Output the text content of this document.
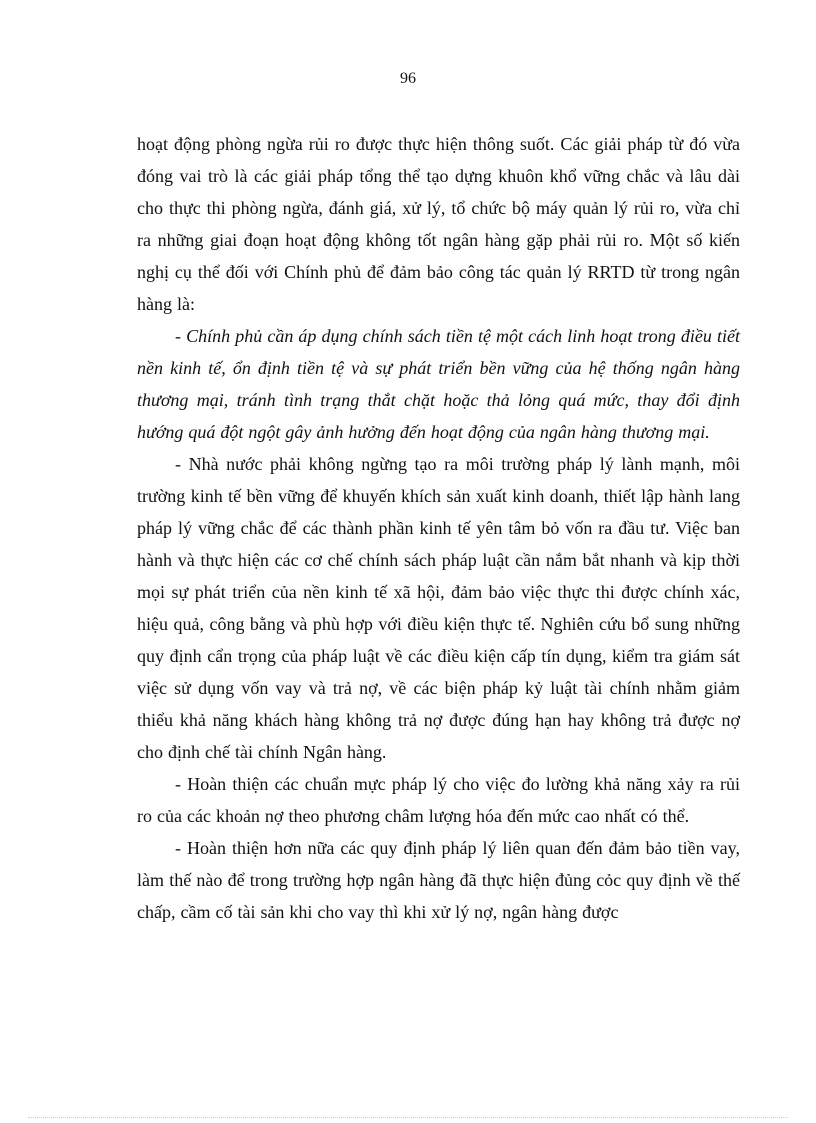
96

hoạt động phòng ngừa rủi ro được thực hiện thông suốt. Các giải pháp từ đó vừa đóng vai trò là các giải pháp tổng thể tạo dựng khuôn khổ vững chắc và lâu dài cho thực thi phòng ngừa, đánh giá, xử lý, tổ chức bộ máy quản lý rủi ro, vừa chỉ ra những giai đoạn hoạt động không tốt ngân hàng gặp phải rủi ro. Một số kiến nghị cụ thể đối với Chính phủ để đảm bảo công tác quản lý RRTD từ trong ngân hàng là:

- Chính phủ cần áp dụng chính sách tiền tệ một cách linh hoạt trong điều tiết nền kinh tế, ổn định tiền tệ và sự phát triển bền vững của hệ thống ngân hàng thương mại, tránh tình trạng thắt chặt hoặc thả lỏng quá mức, thay đổi định hướng quá đột ngột gây ảnh hưởng đến hoạt động của ngân hàng thương mại.

- Nhà nước phải không ngừng tạo ra môi trường pháp lý lành mạnh, môi trường kinh tế bền vững để khuyến khích sản xuất kinh doanh, thiết lập hành lang pháp lý vững chắc để các thành phần kinh tế yên tâm bỏ vốn ra đầu tư. Việc ban hành và thực hiện các cơ chế chính sách pháp luật cần nắm bắt nhanh và kịp thời mọi sự phát triển của nền kinh tế xã hội, đảm bảo việc thực thi được chính xác, hiệu quả, công bằng và phù hợp với điều kiện thực tế. Nghiên cứu bổ sung những quy định cẩn trọng của pháp luật về các điều kiện cấp tín dụng, kiểm tra giám sát việc sử dụng vốn vay và trả nợ, về các biện pháp kỷ luật tài chính nhằm giảm thiểu khả năng khách hàng không trả nợ được đúng hạn hay không trả được nợ cho định chế tài chính Ngân hàng.

- Hoàn thiện các chuẩn mực pháp lý cho việc đo lường khả năng xảy ra rủi ro của các khoản nợ theo phương châm lượng hóa đến mức cao nhất có thể.

- Hoàn thiện hơn nữa các quy định pháp lý liên quan đến đảm bảo tiền vay, làm thế nào để trong trường hợp ngân hàng đã thực hiện đủng cỏc quy định về thế chấp, cầm cố tài sản khi cho vay thì khi xử lý nợ, ngân hàng được
